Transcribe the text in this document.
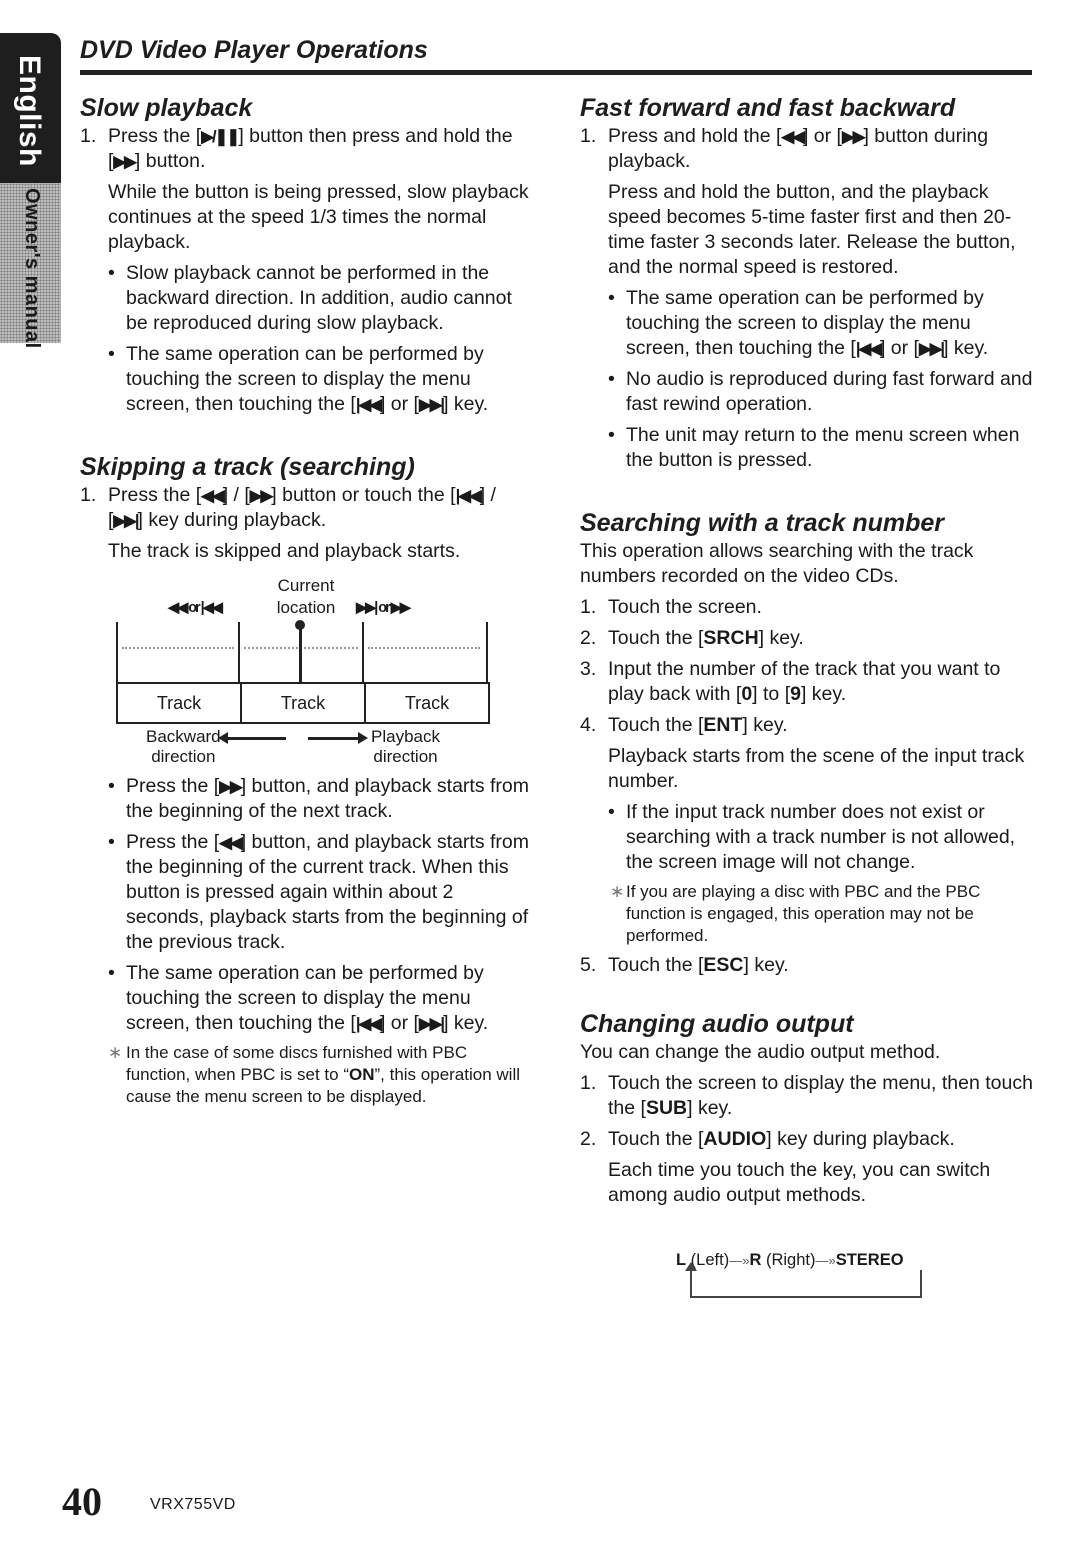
English
Owner's manual
DVD Video Player Operations
Slow playback

1. Press the [▶/❚❚] button then press and hold the [▶▶] button.

While the button is being pressed, slow playback continues at the speed 1/3 times the normal playback.

• Slow playback cannot be performed in the backward direction. In addition, audio cannot be reproduced during slow playback.

• The same operation can be performed by touching the screen to display the menu screen, then touching the [|◀◀] or [▶▶|] key.

Skipping a track (searching)

1. Press the [◀◀] / [▶▶] button or touch the [|◀◀] / [▶▶|] key during playback.

The track is skipped and playback starts.

Current
◀◀ or |◀◀	location	▶▶| or ▶▶
Track	Track	Track
Backward
direction
Playback
direction

• Press the [▶▶] button, and playback starts from the beginning of the next track.

• Press the [◀◀] button, and playback starts from the beginning of the current track. When this button is pressed again within about 2 seconds, playback starts from the beginning of the previous track.

• The same operation can be performed by touching the screen to display the menu screen, then touching the [|◀◀] or [▶▶|] key.

∗ In the case of some discs furnished with PBC function, when PBC is set to “ON”, this operation will cause the menu screen to be displayed.

Fast forward and fast backward

1. Press and hold the [◀◀] or [▶▶] button during playback.

Press and hold the button, and the playback speed becomes 5-time faster first and then 20-time faster 3 seconds later. Release the button, and the normal speed is restored.

• The same operation can be performed by touching the screen to display the menu screen, then touching the [|◀◀] or [▶▶|] key.

• No audio is reproduced during fast forward and fast rewind operation.

• The unit may return to the menu screen when the button is pressed.

Searching with a track number

This operation allows searching with the track numbers recorded on the video CDs.

1. Touch the screen.

2. Touch the [SRCH] key.

3. Input the number of the track that you want to play back with [0] to [9] key.

4. Touch the [ENT] key.

Playback starts from the scene of the input track number.

• If the input track number does not exist or searching with a track number is not allowed, the screen image will not change.

∗ If you are playing a disc with PBC and the PBC function is engaged, this operation may not be performed.

5. Touch the [ESC] key.

Changing audio output

You can change the audio output method.

1. Touch the screen to display the menu, then touch the [SUB] key.

2. Touch the [AUDIO] key during playback.

Each time you touch the key, you can switch among audio output methods.

L (Left)—»R (Right)—»STEREO
40	VRX755VD
